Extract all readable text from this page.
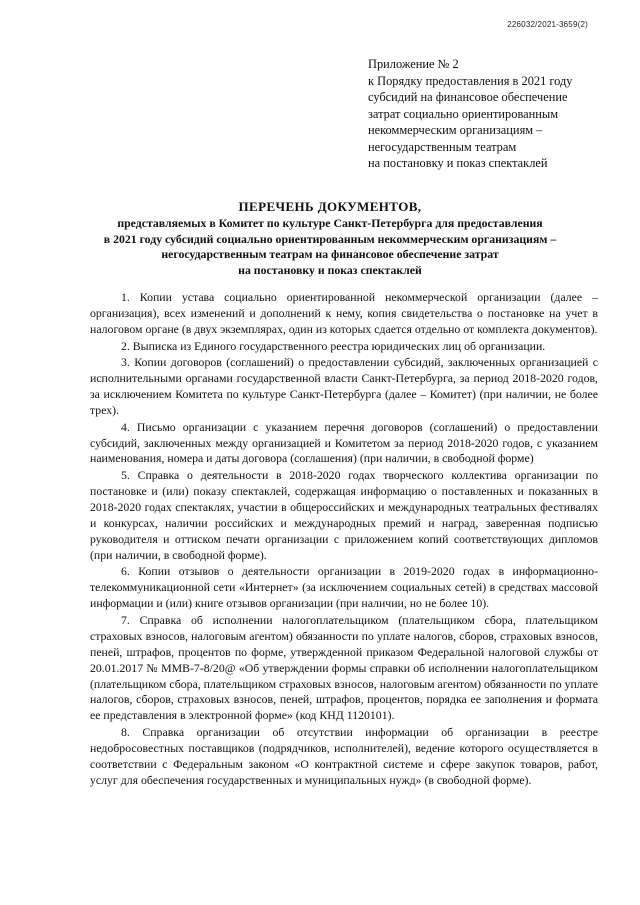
226032/2021-3659(2)
Приложение № 2
к Порядку предоставления в 2021 году
субсидий на финансовое обеспечение
затрат социально ориентированным
некоммерческим организациям –
негосударственным театрам
на постановку и показ спектаклей
ПЕРЕЧЕНЬ ДОКУМЕНТОВ,
представляемых в Комитет по культуре Санкт-Петербурга для предоставления
в 2021 году субсидий социально ориентированным некоммерческим организациям –
негосударственным театрам на финансовое обеспечение затрат
на постановку и показ спектаклей

1. Копии устава социально ориентированной некоммерческой организации (далее – организация), всех изменений и дополнений к нему, копия свидетельства о постановке на учет в налоговом органе (в двух экземплярах, один из которых сдается отдельно от комплекта документов).

2. Выписка из Единого государственного реестра юридических лиц об организации.

3. Копии договоров (соглашений) о предоставлении субсидий, заключенных организацией с исполнительными органами государственной власти Санкт-Петербурга, за период 2018-2020 годов, за исключением Комитета по культуре Санкт-Петербурга (далее – Комитет) (при наличии, не более трех).

4. Письмо организации с указанием перечня договоров (соглашений) о предоставлении субсидий, заключенных между организацией и Комитетом за период 2018-2020 годов, с указанием наименования, номера и даты договора (соглашения) (при наличии, в свободной форме)

5. Справка о деятельности в 2018-2020 годах творческого коллектива организации по постановке и (или) показу спектаклей, содержащая информацию о поставленных и показанных в 2018-2020 годах спектаклях, участии в общероссийских и международных театральных фестивалях и конкурсах, наличии российских и международных премий и наград, заверенная подписью руководителя и оттиском печати организации с приложением копий соответствующих дипломов (при наличии, в свободной форме).

6. Копии отзывов о деятельности организации в 2019-2020 годах в информационно-телекоммуникационной сети «Интернет» (за исключением социальных сетей) в средствах массовой информации и (или) книге отзывов организации (при наличии, но не более 10).

7. Справка об исполнении налогоплательщиком (плательщиком сбора, плательщиком страховых взносов, налоговым агентом) обязанности по уплате налогов, сборов, страховых взносов, пеней, штрафов, процентов по форме, утвержденной приказом Федеральной налоговой службы от 20.01.2017 № ММВ-7-8/20@ «Об утверждении формы справки об исполнении налогоплательщиком (плательщиком сбора, плательщиком страховых взносов, налоговым агентом) обязанности по уплате налогов, сборов, страховых взносов, пеней, штрафов, процентов, порядка ее заполнения и формата ее представления в электронной форме» (код КНД 1120101).

8. Справка организации об отсутствии информации об организации в реестре недобросовестных поставщиков (подрядчиков, исполнителей), ведение которого осуществляется в соответствии с Федеральным законом «О контрактной системе и сфере закупок товаров, работ, услуг для обеспечения государственных и муниципальных нужд» (в свободной форме).
